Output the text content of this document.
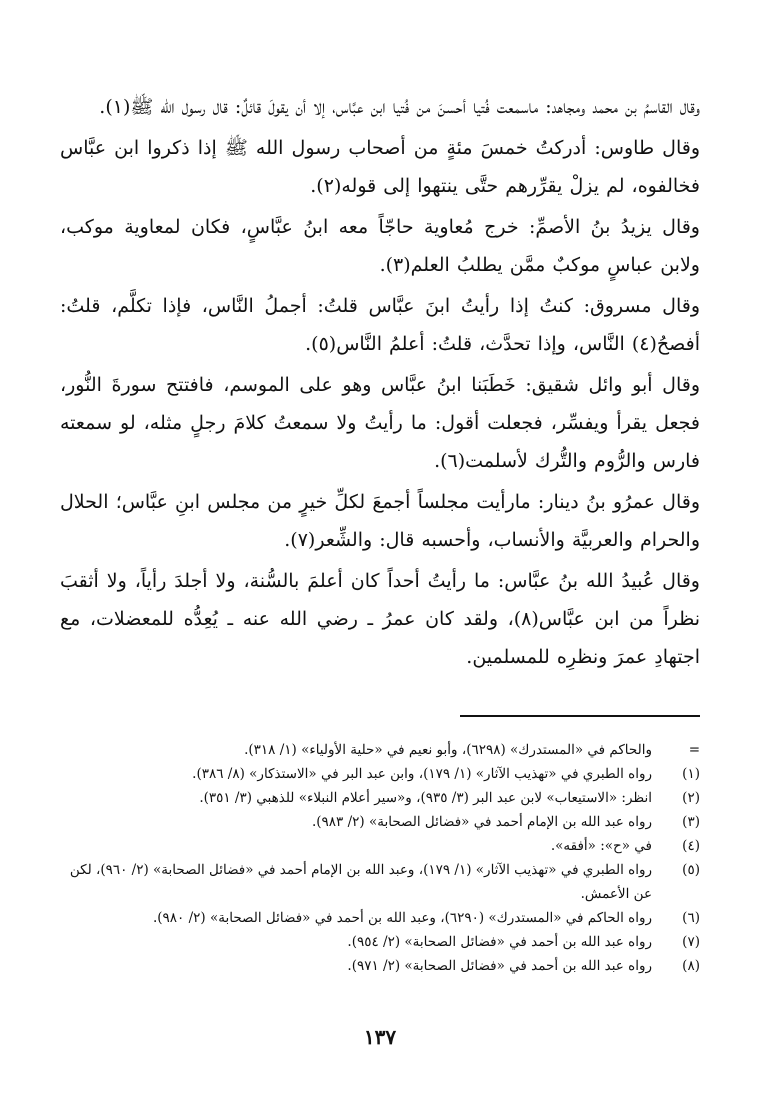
وقال القاسمُ بن محمد ومجاهد: ماسمعت فُتيا أحسنَ من فُتيا ابن عبَّاس، إلا أن يقولَ قائلٌ: قال رسول الله ﷺ(١).

وقال طاوس: أدركتُ خمسَ مئةٍ من أصحاب رسول الله ﷺ إذا ذكروا ابن عبَّاس فخالفوه، لم يزلْ يقرِّرهم حتَّى ينتهوا إلى قوله(٢).

وقال يزيدُ بنُ الأصمِّ: خرج مُعاوية حاجّاً معه ابنُ عبَّاسٍ، فكان لمعاوية موكب، ولابن عباسٍ موكبٌ ممَّن يطلبُ العلم(٣).

وقال مسروق: كنتُ إذا رأيتُ ابنَ عبَّاس قلتُ: أجملُ النَّاس، فإذا تكلَّم، قلتُ: أفصحُ(٤) النَّاس، وإذا تحدَّث، قلتُ: أعلمُ النَّاس(٥).

وقال أبو وائل شقيق: خَطَبَنا ابنُ عبَّاس وهو على الموسم، فافتتح سورةَ النُّور، فجعل يقرأ ويفسِّر، فجعلت أقول: ما رأيتُ ولا سمعتُ كلامَ رجلٍ مثله، لو سمعته فارس والرُّوم والتُّرك لأسلمت(٦).

وقال عمرُو بنُ دينار: مارأيت مجلساً أجمعَ لكلِّ خيرٍ من مجلس ابنِ عبَّاس؛ الحلال والحرام والعربيَّة والأنساب، وأحسبه قال: والشِّعر(٧).

وقال عُبيدُ الله بنُ عبَّاس: ما رأيتُ أحداً كان أعلمَ بالسُّنة، ولا أجلدَ رأياً، ولا أثقبَ نظراً من ابن عبَّاس(٨)، ولقد كان عمرُ ـ رضي الله عنه ـ يُعِدُّه للمعضلات، مع اجتهادِ عمرَ ونظرِه للمسلمين.

=
والحاكم في «المستدرك» (٦٢٩٨)، وأبو نعيم في «حلية الأولياء» (١/ ٣١٨).
(١)
رواه الطبري في «تهذيب الآثار» (١/ ١٧٩)، وابن عبد البر في «الاستذكار» (٨/ ٣٨٦).
(٢)
انظر: «الاستيعاب» لابن عبد البر (٣/ ٩٣٥)، و«سير أعلام النبلاء» للذهبي (٣/ ٣٥١).
(٣)
رواه عبد الله بن الإمام أحمد في «فضائل الصحابة» (٢/ ٩٨٣).
(٤)
في «ح»: «أفقه».
(٥)
رواه الطبري في «تهذيب الآثار» (١/ ١٧٩)، وعبد الله بن الإمام أحمد في «فضائل الصحابة» (٢/ ٩٦٠)، لكن عن الأعمش.
(٦)
رواه الحاكم في «المستدرك» (٦٢٩٠)، وعبد الله بن أحمد في «فضائل الصحابة» (٢/ ٩٨٠).
(٧)
رواه عبد الله بن أحمد في «فضائل الصحابة» (٢/ ٩٥٤).
(٨)
رواه عبد الله بن أحمد في «فضائل الصحابة» (٢/ ٩٧١).
١٣٧
